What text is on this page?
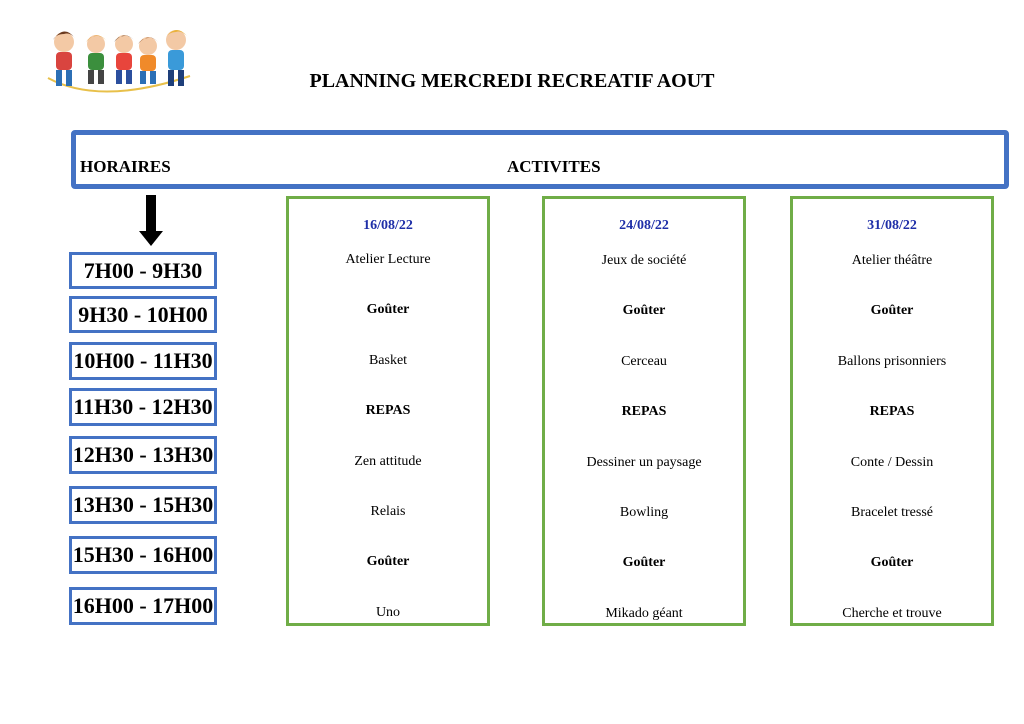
PLANNING MERCREDI RECREATIF AOUT
HORAIRES	ACTIVITES
7H00 - 9H30
9H30 - 10H00
10H00 - 11H30
11H30 - 12H30
12H30 - 13H30
13H30 - 15H30
15H30 - 16H00
16H00 - 17H00
16/08/22
Atelier Lecture
Goûter
Basket
REPAS
Zen attitude
Relais
Goûter
Uno
24/08/22
Jeux de société
Goûter
Cerceau
REPAS
Dessiner un paysage
Bowling
Goûter
Mikado géant
31/08/22
Atelier théâtre
Goûter
Ballons prisonniers
REPAS
Conte / Dessin
Bracelet tressé
Goûter
Cherche et trouve
